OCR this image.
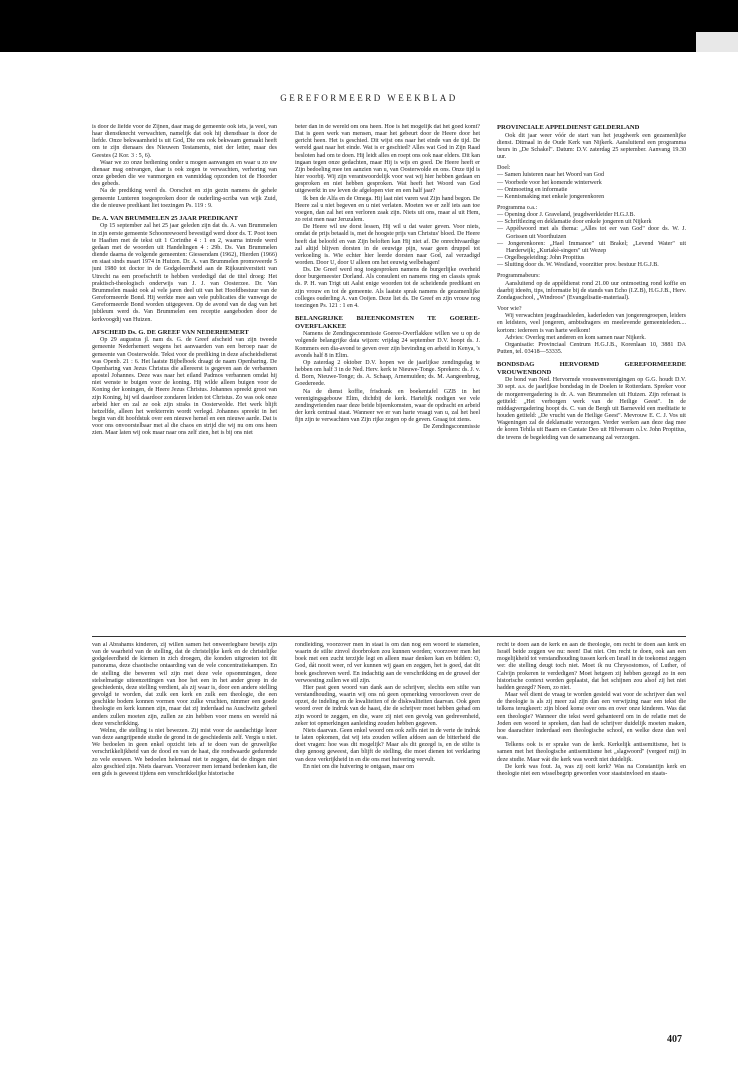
GEREFORMEERD WEEKBLAD

is door de liefde voor de Zijnen, daar mag de gemeente ook iets, ja veel, van haar dienstknecht verwachten, namelijk dat ook hij dienstbaar is door de liefde. Onze bekwaamheid is uit God, Die ons ook bekwaam gemaakt heeft om te zijn dienaars des Nieuwen Testaments, niet der letter, maar des Geestes (2 Kor. 3 : 5, 6).

Waar we zo onze bediening onder u mogen aanvangen en waar u zo uw dienaar mag ontvangen, daar is ook zegen te verwachten, verhoring van onze gebeden die we vanmorgen en vanmiddag opzonden tot de Hoorder des gebeds.

Na de prediking werd ds. Oorschot en zijn gezin namens de gehele gemeente Lunteren toegesproken door de ouderling-scriba van wijk Zuid, die de nieuwe predikant liet toezingen Ps. 119 : 9.

Dr. A. VAN BRUMMELEN 25 JAAR PREDIKANT

Op 15 september zal het 25 jaar geleden zijn dat ds. A. van Brummelen in zijn eerste gemeente Schoonrewoerd bevestigd werd door ds. T. Poot toen te Haaften met de tekst uit 1 Corinthe 4 : 1 en 2, waarna intrede werd gedaan met de woorden uit Handelingen 4 : 29b. Ds. Van Brummelen diende daarna de volgende gemeenten: Giessendam (1962), Hierden (1966) en staat sinds maart 1974 in Huizen. Dr. A. van Brummelen promoveerde 5 juni 1980 tot doctor in de Godgeleerdheid aan de Rijksuniversiteit van Utrecht na een proefschrift te hebben verdedigd dat de titel droeg: Het praktisch-theologisch onderwijs van J. J. van Oosterzee. Dr. Van Brummelen maakt ook al vele jaren deel uit van het Hoofdbestuur van de Gereformeerde Bond. Hij werkte mee aan vele publicaties die vanwege de Gereformeerde Bond worden uitgegeven. Op de avond van de dag van het jubileum werd ds. Van Brummelen een receptie aangeboden door de kerkvoogdij van Huizen.

AFSCHEID Ds. G. DE GREEF VAN NEDERHEMERT

Op 29 augustus jl. nam ds. G. de Greef afscheid van zijn tweede gemeente Nederhemert wegens het aanvaarden van een beroep naar de gemeente van Oosterwolde. Tekst voor de prediking in deze afscheidsdienst was Openb. 21 : 6. Het laatste Bijbelboek draagt de naam Openbaring. De Openbaring van Jezus Christus die allereerst is gegeven aan de verbannen apostel Johannes. Deze was naar het eiland Padmos verbannen omdat hij niet wenste te buigen voor de koning. Hij wilde alleen buigen voor de Koning der koningen, de Heere Jezus Christus. Johannes spreekt groot van zijn Koning, hij wil daardoor zondaren leiden tot Christus. Zo was ook onze arbeid hier en zal ze ook zijn straks in Oosterwolde. Het werk blijft hetzelfde, alleen het werkterrein wordt verlegd. Johannes spreekt in het begin van dit hoofdstuk over een nieuwe hemel en een nieuwe aarde. Dat is voor ons onvoorstelbaar met al die chaos en strijd die wij nu om ons heen zien. Maar laten wij ook maar naar ons zelf zien, het is bij ons niet

beter dan in de wereld om ons heen. Hoe is het mogelijk dat het goed komt? Dat is geen werk van mensen, maar het gebeurt door de Heere door het gericht heen. Het is geschied. Dit wijst ons naar het einde van de tijd. De wereld gaat naar het einde. Wat is er geschied? Alles wat God in Zijn Raad besloten had om te doen. Hij leidt alles en roept ons ook naar elders. Dit kan ingaan tegen onze gedachten, maar Hij is wijs en goed. De Heere heeft er Zijn bedoeling mee ten aanzien van u, van Oosterwolde en ons. Onze tijd is hier voorbij. Wij zijn verantwoordelijk voor wat wij hier hebben gedaan en gesproken en niet hebben gesproken. Wat heeft het Woord van God uitgewerkt in uw leven de afgelopen vier en een half jaar?

Ik ben de Alfa en de Omega. Hij laat niet varen wat Zijn hand begon. De Heere zal u niet begeven en u niet verlaten. Moeten we er zelf iets aan toe voegen, dan zal het een verloren zaak zijn. Niets uit ons, maar al uit Hem, zo reist men naar Jeruzalem.

De Heere wil uw dorst lessen, Hij wil u dat water geven. Voor niets, omdat de prijs betaald is, met de hoogste prijs van Christus' bloed. De Heere heeft dat beloofd en van Zijn beloften kan Hij niet af. De onrechtvaardige zal altijd blijven dorsten in de eeuwige pijn, waar geen druppel tot verkoeling is. Wie echter hier leerde dorsten naar God, zal verzadigd worden. Door U, door U alleen om het eeuwig welbehagen!

Ds. De Greef werd nog toegesproken namens de burgerlijke overheid door burgemeester Dorland. Als consulent en namens ring en classis sprak ds. P. H. van Trigt uit Aalst enige woorden tot de scheidende predikant en zijn vrouw en tot de gemeente. Als laatste sprak namens de gezamenlijke colleges ouderling A. van Ooijen. Deze liet ds. De Greef en zijn vrouw nog toezingen Ps. 121 : 1 en 4.

BELANGRIJKE BIJEENKOMSTEN TE GOEREE-OVERFLAKKEE

Namens de Zendingscommissie Goeree-Overflakkee willen we u op de volgende belangrijke data wijzen: vrijdag 24 september D.V. hoopt ds. J. Kommers een dia-avond te geven over zijn bevinding en arbeid in Kenya, 's avonds half 8 in Elim.

Op zaterdag 2 oktober D.V. hopen we de jaarlijkse zendingsdag te hebben om half 3 in de Ned. Herv. kerk te Nieuwe-Tonge. Sprekers: ds. J. v. d. Born, Nieuwe-Tonge; ds. A. Schaap, Arnemuiden; ds. M. Aangeenbrug, Goedereede.

Na de dienst koffie, frisdrank en boekentafel GZB in het verenigingsgebouw Elim, dichtbij de kerk. Hartelijk nodigen we vele zendingvrienden naar deze beide bijeenkomsten, waar de opdracht en arbeid der kerk centraal staat. Wanneer we er van harte vraagt van u, zal het heel fijn zijn te verwachten van Zijn rijke zegen op de geven. Graag tot ziens.

De Zendingscommissie

PROVINCIALE APPELDIENST GELDERLAND

Ook dit jaar weer vóór de start van het jeugdwerk een gezamenlijke dienst. Ditmaal in de Oude Kerk van Nijkerk. Aansluitend een programma beurs in „De Schakel". Datum: D.V. zaterdag 25 september. Aanvang 19.30 uur.

Doel:

— Samen luisteren naar het Woord van God
— Voorbede voor het komende winterwerk
— Ontmoeting en informatie
— Kennismaking met enkele jongerenkoren

Programma o.a.:

— Opening door J. Graveland, jeugdwerkleider H.G.J.B.
— Schriftlezing en deklamatie door enkele jongeren uit Nijkerk
— Appèlwoord met als thema: „Alles tot eer van God" door ds. W. J. Gorissen uit Voorthuizen
— Jongerenkoren: „Hael Immanoe" uit Brakel; „Levend Water" uit Harderwijk; „Kuriakè-singers" uit Wezep
— Orgelbegeleiding: John Propitius
— Sluiting door ds. W. Westland, voorzitter prov. bestuur H.G.J.B.

Programmabeurs:

Aansluitend op de appèldienst rond 21.00 uur ontmoeting rond koffie en daarbij ideeën, tips, informatie bij de stands van Echo (I.Z.B), H.G.J.B., Herv. Zondagsschool, „Windroos" (Evangelisatie-materiaal).

Voor wie?

Wij verwachten jeugdraadsleden, kaderleden van jongerengroepen, leiders en leidsters, veel jongeren, ambtsdragers en meelevende gemeenteleden.... kortom: iedereen is van harte welkom!

Advies: Overleg met anderen en kom samen naar Nijkerk.

Organisatie: Provinciaal Centrum H.G.J.B., Korenlaan 10, 3881 DA Putten, tel. 03418—53335.

BONDSDAG HERVORMD GEREFORMEERDE VROUWENBOND

De bond van Ned. Hervormde vrouwenverenigingen op G.G. houdt D.V. 30 sept. a.s. de jaarlijkse bondsdag in de Doelen te Rotterdam. Spreker voor de morgenvergadering is dr. A. van Brummelen uit Huizen. Zijn referaat is getiteld: „Het verborgen werk van de Heilige Geest". In de middagvergadering hoopt ds. C. van de Bergh uit Barneveld een meditatie te houden getiteld: „De vrucht van de Heilige Geest". Mevrouw E. C. J. Vos uit Wageningen zal de deklamatie verzorgen. Verder werken aan deze dag mee de koren Tehila uit Baarn en Cantate Deo uit Hilversum o.l.v. John Propitius, die tevens de begeleiding van de samenzang zal verzorgen.

van al Abrahams kinderen, zij willen samen het onweerlegbare bewijs zijn van de waarheid van de stelling, dat de christelijke kerk en de christelijke godgeleerdheid de kiemen in zich droegen, die konden uitgroeien tot dit panorama, deze chaotische ontaarding van de vele concentratiekampen. En de stelling die beweren wil zijn met deze vele opsommingen, deze stelselmatige uiteenzettingen van hoe het een in het ander greep in de geschiedenis, deze stelling verdient, als zij waar is, door een andere stelling gevolgd te worden, dat zulk een kerk en zulk een theologie, die een geschikte bodem konnen vormen voor zulke vruchten, nimmer een goede theologie en kerk kunnen zijn, maar dat zij inderdaad na Auschwitz geheel anders zullen moeten zijn, zullen ze zin hebben voor mens en wereld ná deze verschrikking.

Welnu, die stelling is niet bewezen. Zij mist voor de aandachtige lezer van deze aangrijpende studie de grond in de geschiedenis zelf. Vergis u niet. We bedoelen in geen enkel opzicht iets af te doen van de gruwelijke verschrikkelijkheid van de dood en van de haat, die rondwaarde gedurende zo vele eeuwen. We bedoelen helemaal niet te zeggen, dat de dingen niet alzo geschied zijn. Niets daarvan. Voorzover men iemand bedenken kan, die een gids is geweest tijdens een verschrikkelijke historische

rondleiding, voorzover men in staat is om dan nog een woord te stamelen, waarin de stilte zinvol doorbroken zou kunnen worden; voorzover men het boek met een zucht terzijde legt en alleen maar denken kan en bidden: O, God, dát nooit weer, rd ver kunnen wij gaan en zeggen, het is goed, dat dit boek geschreven werd. En indachtig aan de verschrikking en de gruwel der verwoesting zullen we stil zijn.

Hier past geen woord van dank aan de schrijver, slechts een stilte van verstandhouding, waarin wij ons nú geen opmerking veroorloven over de opzet, de indeling en de kwaliteiten of de diskwaliteiten daarvan. Ook geen woord over de indruk van de haast, die de schrijver moet hebben gehad om zijn woord te zeggen, en die, ware zij niet een gevolg van gedrevenheid, zeker tot opmerkingen aanleiding zouden hebben gegeven.

Niets daarvan. Geen enkel woord om ook zelfs niet in de verte de indruk te laten opkomen, dat wij iets zouden willen afdoen aan de bitterheid die doet vragen: hoe was dit mogelijk? Maar als dit gezegd is, en de stilte is diep genoeg geweest, dan blijft de stelling, die moet dienen tot verklaring van deze verkrijkheid in en die ons met huivering vervult.

En niet om die huivering te ontgaan, maar om

recht te doen aan de kerk en aan de theologie, om recht te doen aan kerk en Israël beide zeggen we nu: neen! Dat niet. Om recht te doen, ook aan een mogelijkheid tot verstandhouding tussen kerk en Israël in de toekomst zeggen we: die stelling deugt toch niet. Moet ik nu Chrysostomos, of Luther, of Calvijn prokeren te verdedigen? Moet hetgeen zij hebben gezegd zo in een historische context worden geplaatst, dat het schijnen zou alsof zij het niet hadden gezegd? Neen, zo niet.

Maar wél dient de vraag te worden gesteld wat voor de schrijver dan wel de theologie is als zij meer zal zijn dan een verwijzing naar een tekst die telkens terugkeert: zijn bloed kome over ons en over onze kinderen. Was dat een theologie? Wanneer die tekst werd gehanteerd om in de relatie met de Joden een woord te spreken, dan had de schrijver duidelijk moeten maken, hoe daarachter inderdaad een theologische school, en welke deze dan wel was.

Telkens ook is er sprake van de kerk. Kerkelijk antisemitisme, het is samen met het theologische antisemitisme het „slagwoord" (vergeef mij) in deze studie. Maar wát die kerk was wordt niet duidelijk.

De kerk was fout. Ja, was zij ooit kerk? Was na Constantijn kerk en theologie niet een wisselbegrip geworden voor staatsinvloed en staats-

407
